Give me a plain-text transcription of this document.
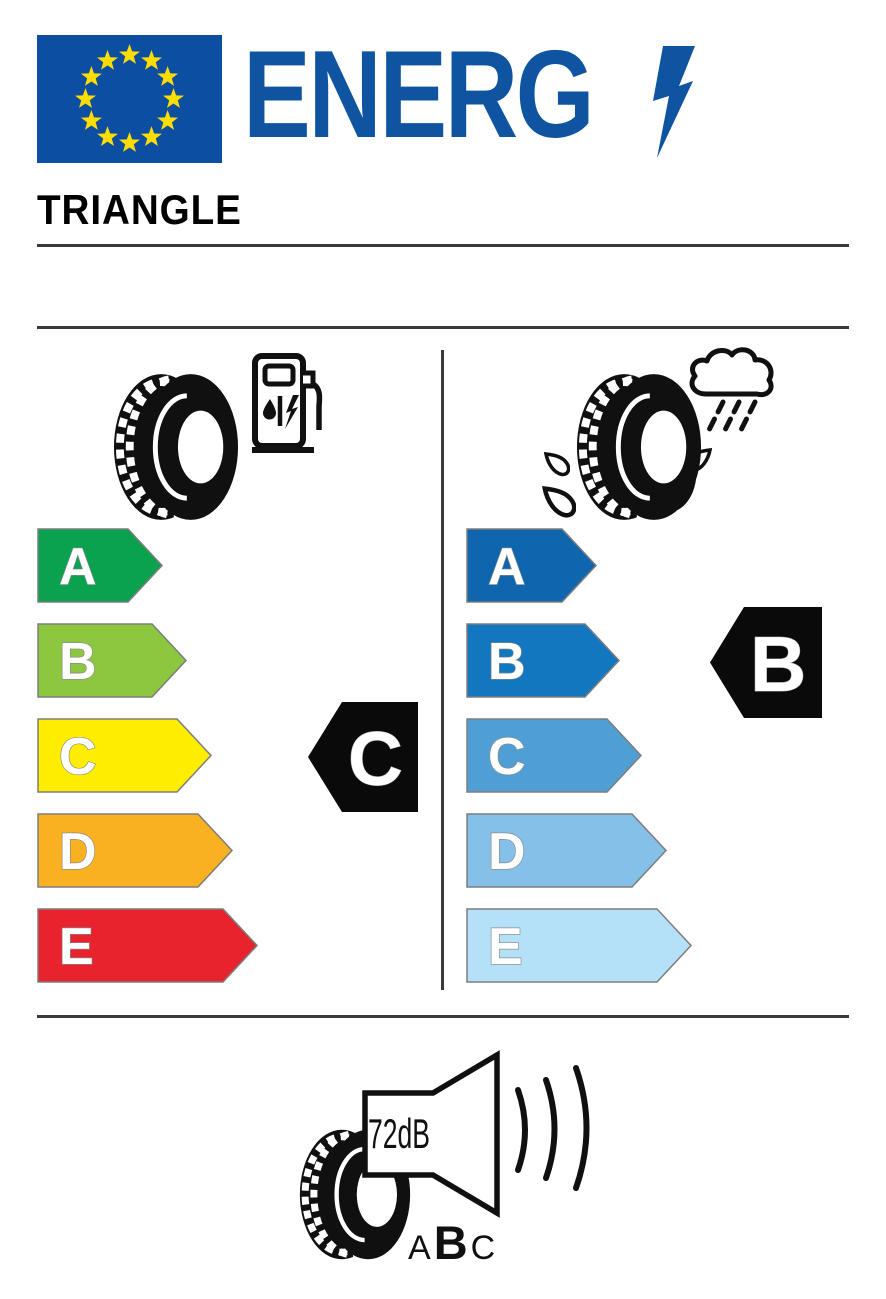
ENERG
TRIANGLE
A
B
C
D
E
C
A
B
C
D
E
B
72dB
A B C
